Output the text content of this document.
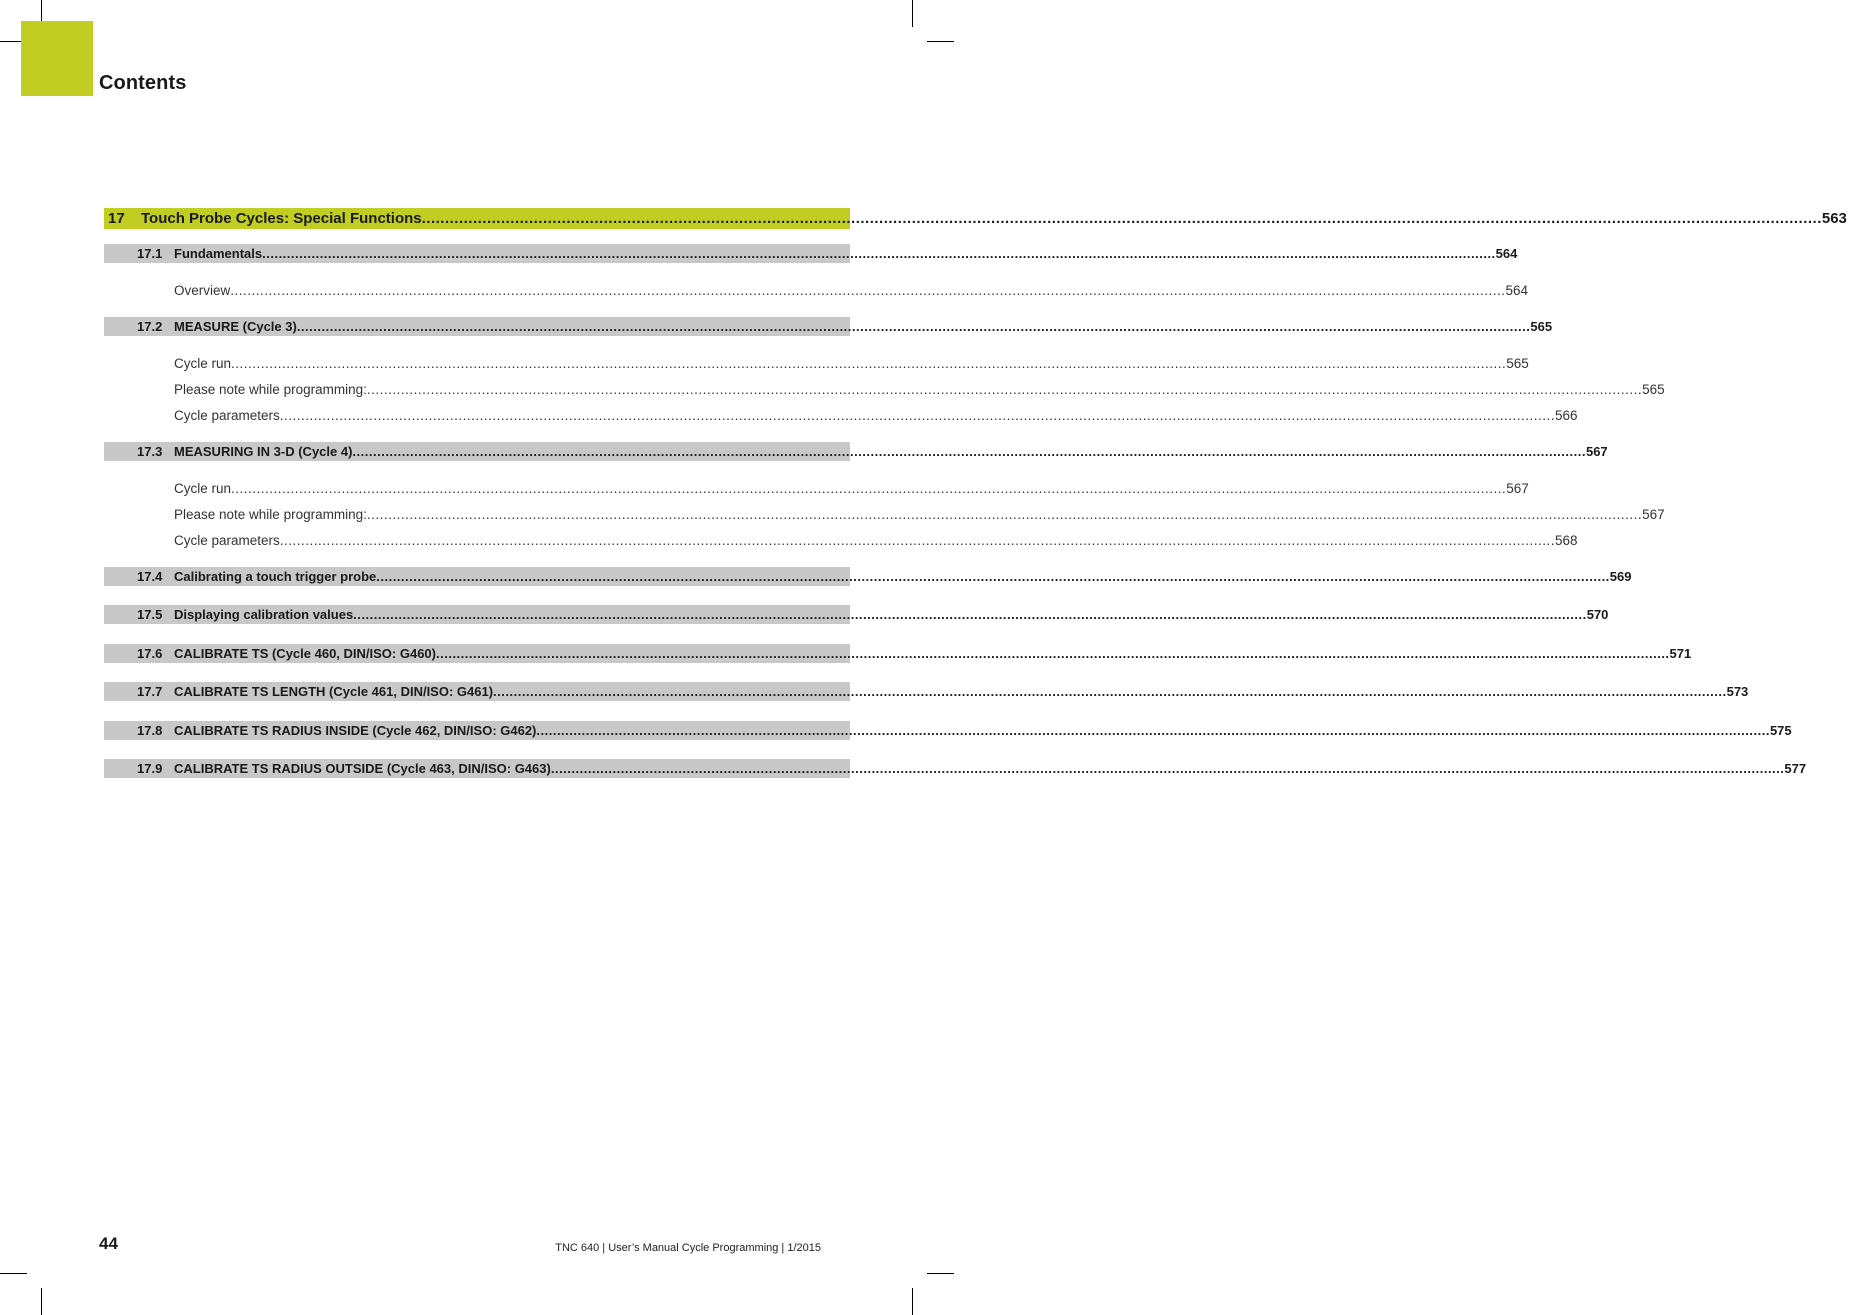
Contents
17	Touch Probe Cycles: Special Functions ............................................................................................................................................................................................................................................................................................................ 563
17.1 Fundamentals ............................................................................................................................................................................................................................................................................................................ 564
Overview ............................................................................................................................................................................................................................................................................................................ 564
17.2 MEASURE (Cycle 3) ............................................................................................................................................................................................................................................................................................................ 565
Cycle run ............................................................................................................................................................................................................................................................................................................ 565
Please note while programming: ............................................................................................................................................................................................................................................................................................................ 565
Cycle parameters ............................................................................................................................................................................................................................................................................................................ 566
17.3 MEASURING IN 3-D (Cycle 4) ............................................................................................................................................................................................................................................................................................................ 567
Cycle run ............................................................................................................................................................................................................................................................................................................ 567
Please note while programming: ............................................................................................................................................................................................................................................................................................................ 567
Cycle parameters ............................................................................................................................................................................................................................................................................................................ 568
17.4 Calibrating a touch trigger probe ............................................................................................................................................................................................................................................................................................................ 569
17.5 Displaying calibration values ............................................................................................................................................................................................................................................................................................................ 570
17.6 CALIBRATE TS (Cycle 460, DIN/ISO: G460) ............................................................................................................................................................................................................................................................................................................ 571
17.7 CALIBRATE TS LENGTH (Cycle 461, DIN/ISO: G461) ............................................................................................................................................................................................................................................................................................................ 573
17.8 CALIBRATE TS RADIUS INSIDE (Cycle 462, DIN/ISO: G462) ............................................................................................................................................................................................................................................................................................................ 575
17.9 CALIBRATE TS RADIUS OUTSIDE (Cycle 463, DIN/ISO: G463) ............................................................................................................................................................................................................................................................................................................ 577
44	TNC 640 | User’s Manual Cycle Programming | 1/2015
